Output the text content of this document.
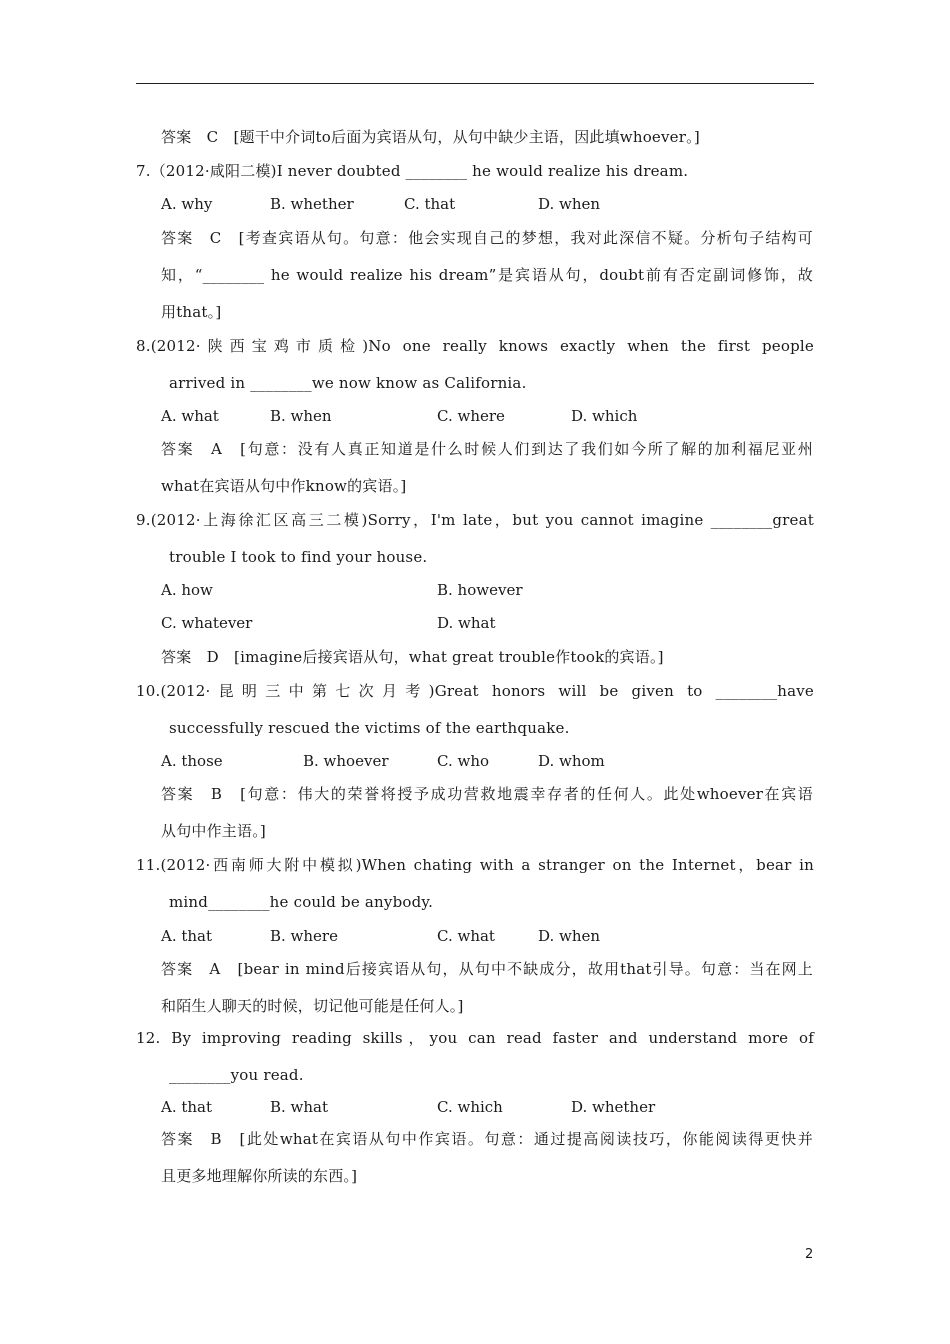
答案　C　[题干中介词to后面为宾语从句，从句中缺少主语，因此填whoever。]
7.（2012·咸阳二模)I never doubted ________ he would realize his dream.
A. why	B. whether	C. that	D. when
答案　C　[考查宾语从句。句意：他会实现自己的梦想，我对此深信不疑。分析句子结构可
知，“________ he would realize his dream”是宾语从句，doubt前有否定副词修饰，故
用that。]
8.(2012·陕西宝鸡市质检)No one really knows exactly when the first people
arrived in ________we now know as California.
A. what	B. when	C. where	D. which
答案　A　[句意：没有人真正知道是什么时候人们到达了我们如今所了解的加利福尼亚州
what在宾语从句中作know的宾语。]
9.(2012·上海徐汇区高三二模)Sorry，I'm late，but you cannot imagine ________great
trouble I took to find your house.
A. how	B. however
C. whatever	D. what
答案　D　[imagine后接宾语从句，what great trouble作took的宾语。]
10.(2012·昆明三中第七次月考)Great honors will be given to ________have
successfully rescued the victims of the earthquake.
A. those	B. whoever	C. who	D. whom
答案　B　[句意：伟大的荣誉将授予成功营救地震幸存者的任何人。此处whoever在宾语
从句中作主语。]
11.(2012·西南师大附中模拟)When chating with a stranger on the Internet，bear in
mind________he could be anybody.
A. that	B. where	C. what	D. when
答案　A　[bear in mind后接宾语从句，从句中不缺成分，故用that引导。句意：当在网上
和陌生人聊天的时候，切记他可能是任何人。]
12. By improving reading skills，you can read faster and understand more of
________you read.
A. that	B. what	C. which	D. whether
答案　B　[此处what在宾语从句中作宾语。句意：通过提高阅读技巧，你能阅读得更快并
且更多地理解你所读的东西。]
2
